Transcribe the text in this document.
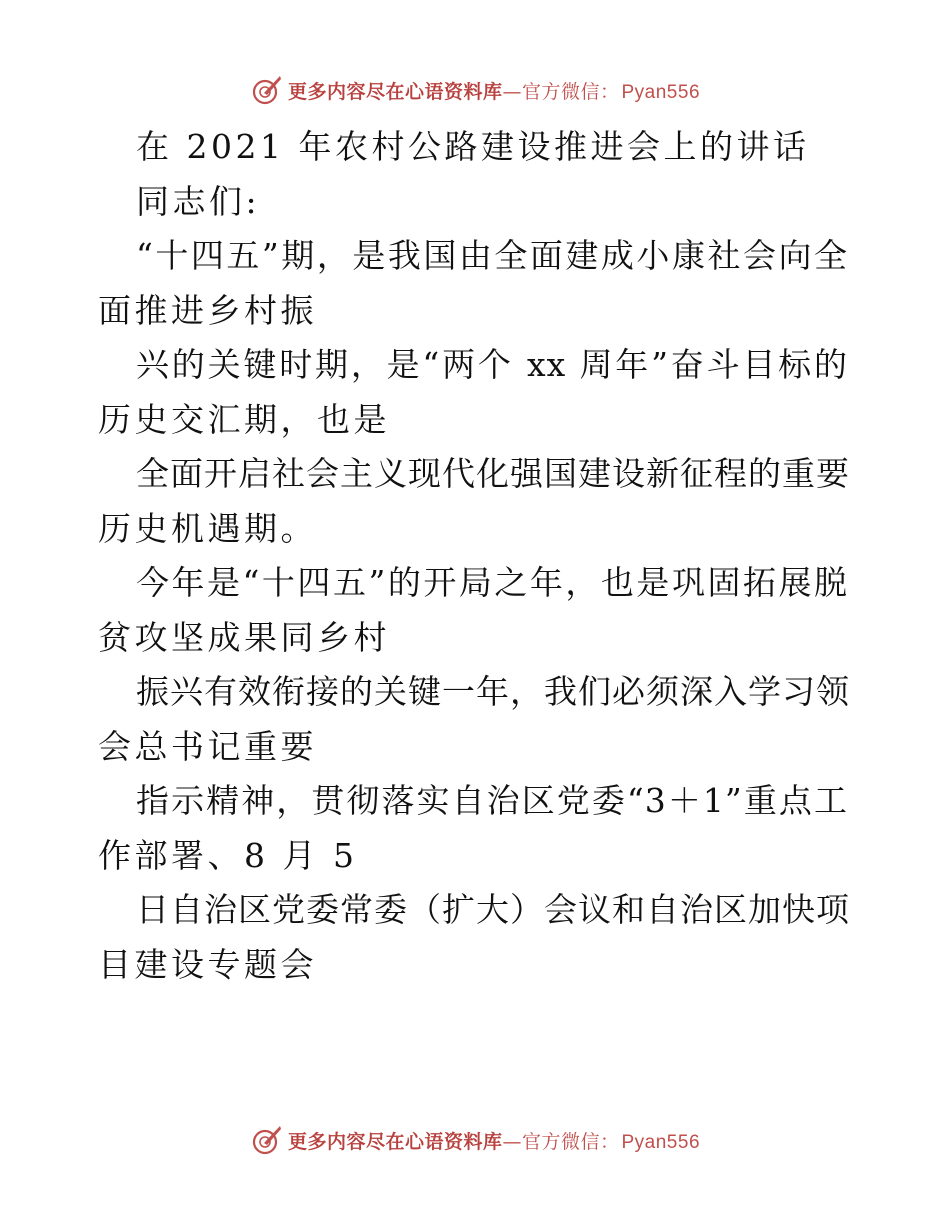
更多内容尽在心语资料库—官方微信： Pyan556
在 2021 年农村公路建设推进会上的讲话
同志们:
“十四五”期，是我国由全面建成小康社会向全
面推进乡村振
兴的关键时期，是“两个 xx 周年”奋斗目标的
历史交汇期，也是
全面开启社会主义现代化强国建设新征程的重要
历史机遇期。
今年是“十四五”的开局之年，也是巩固拓展脱
贫攻坚成果同乡村
振兴有效衔接的关键一年，我们必须深入学习领
会总书记重要
指示精神，贯彻落实自治区党委“3＋1”重点工
作部署、8 月 5
日自治区党委常委（扩大）会议和自治区加快项
目建设专题会
更多内容尽在心语资料库—官方微信： Pyan556
